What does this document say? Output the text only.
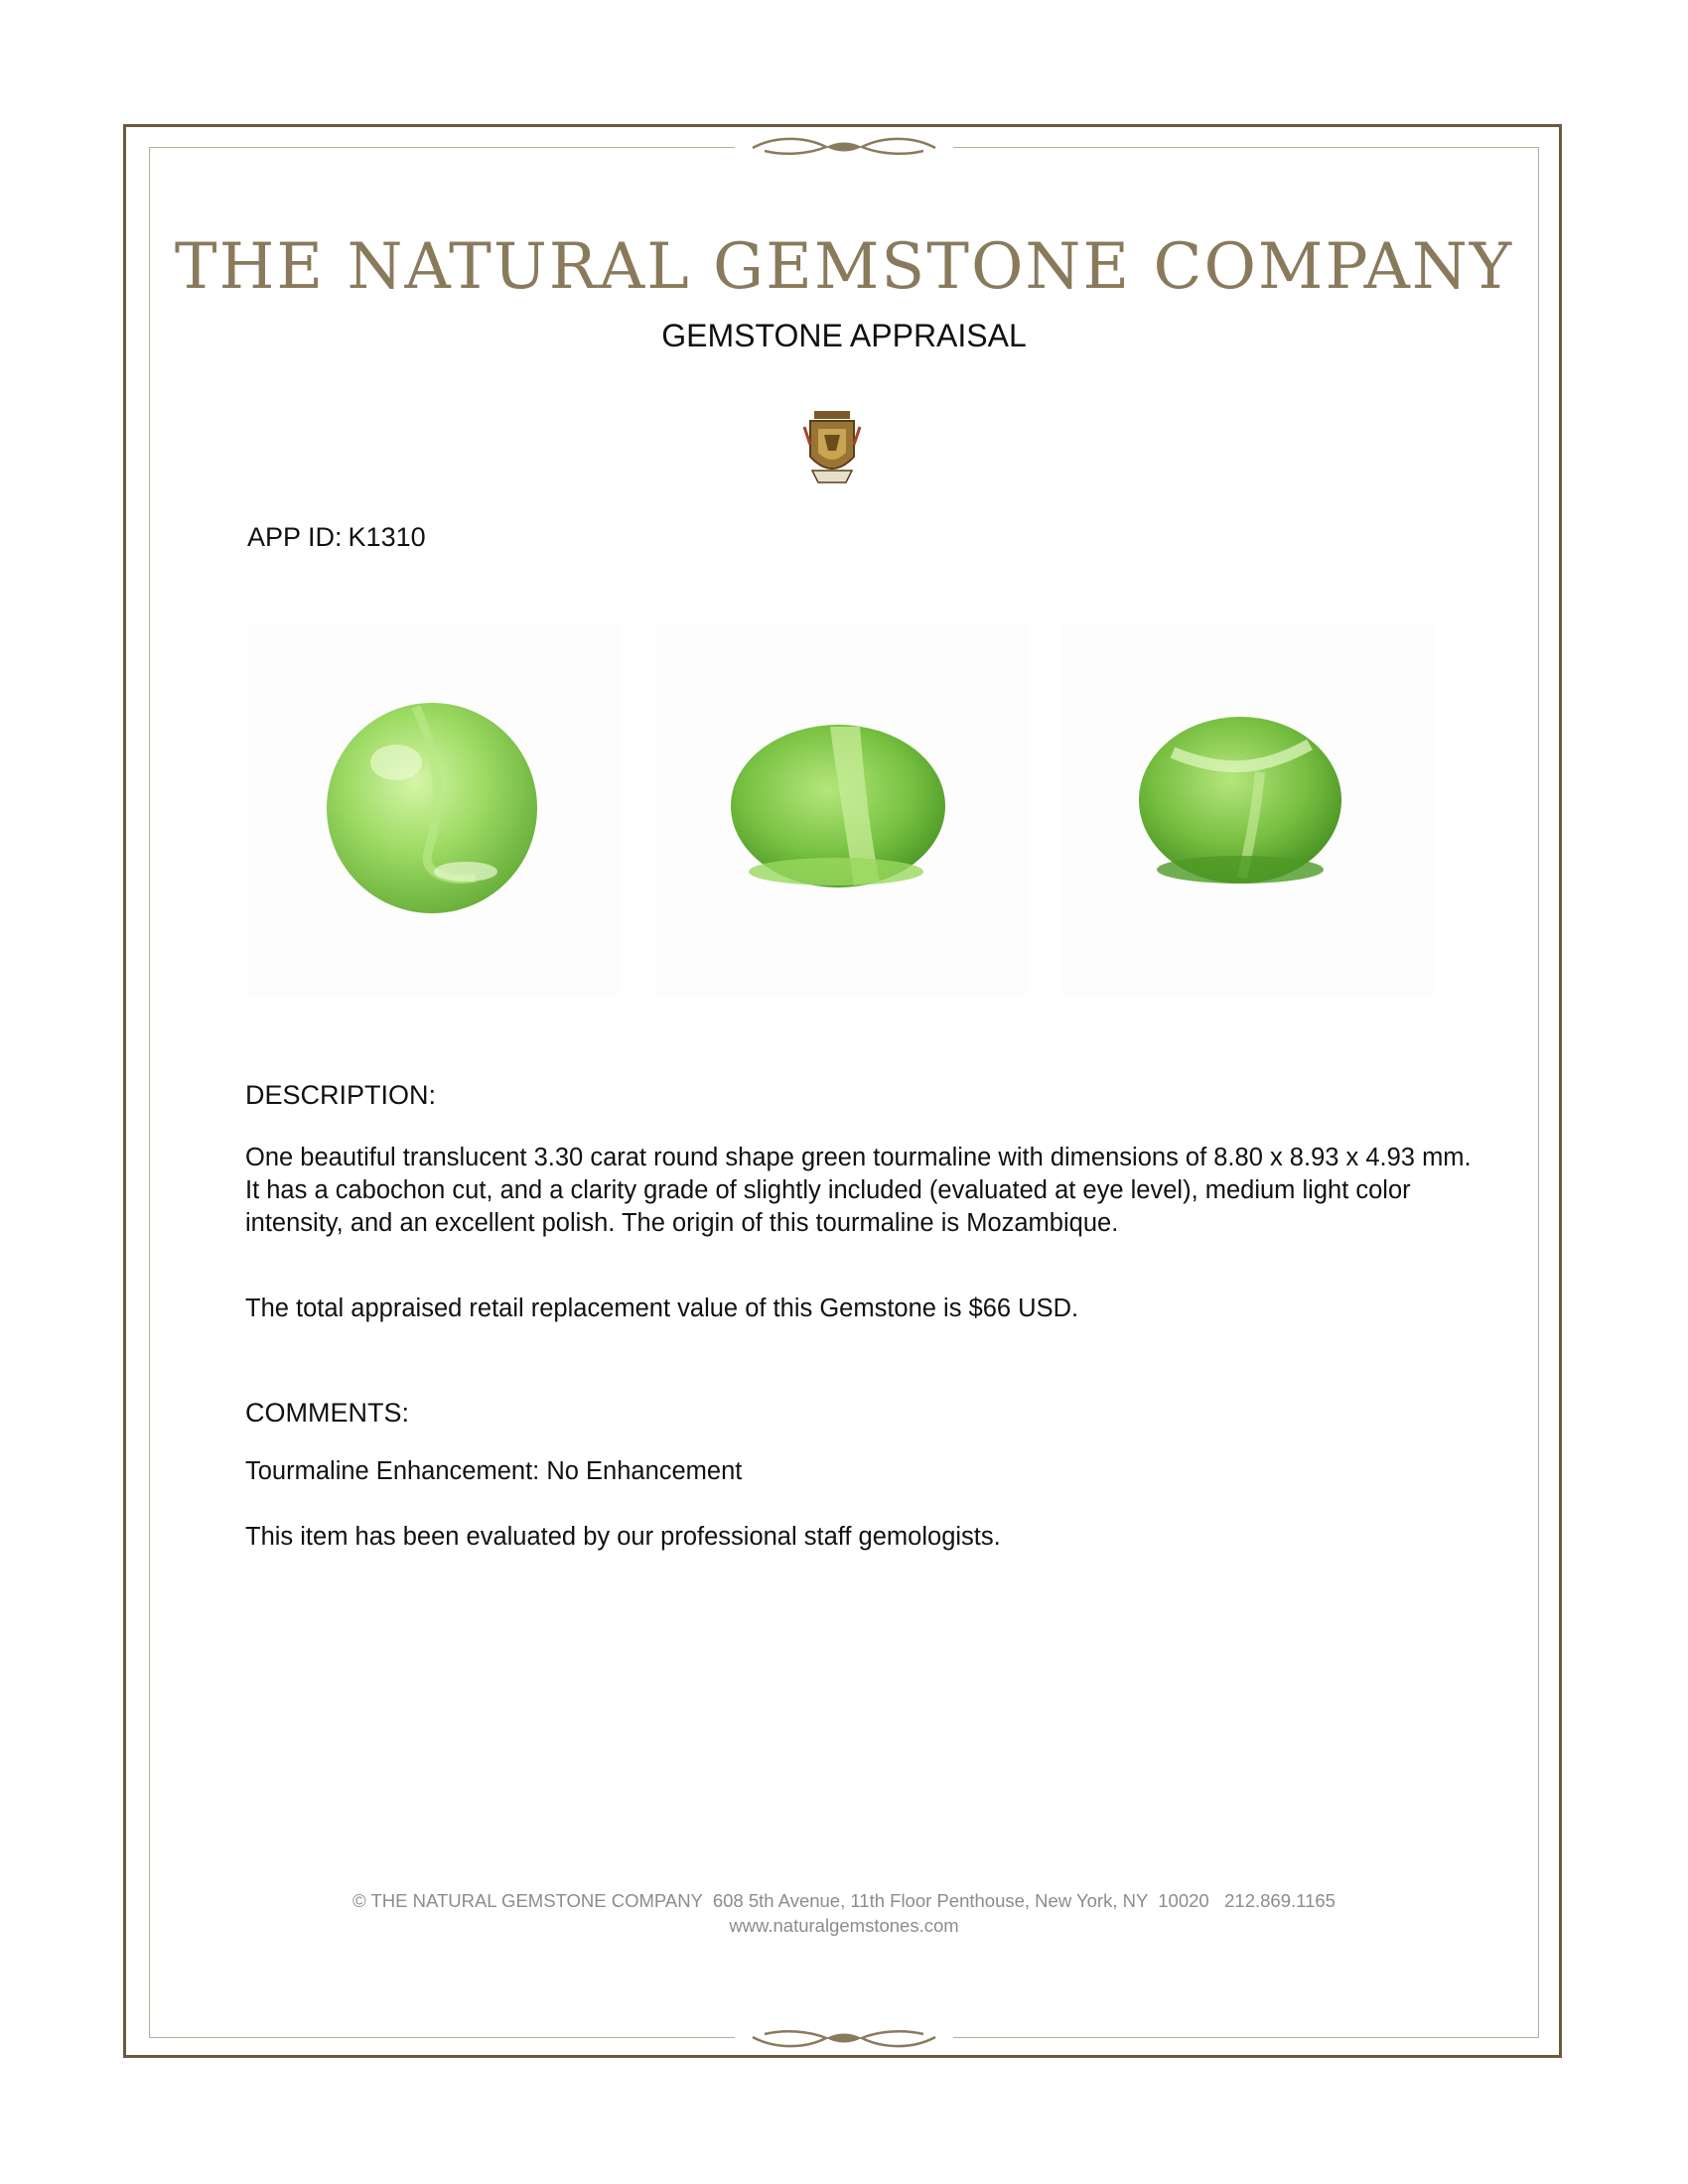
THE NATURAL GEMSTONE COMPANY
GEMSTONE APPRAISAL
APP ID: K1310
DESCRIPTION:
One beautiful translucent 3.30 carat round shape green tourmaline with dimensions of 8.80 x 8.93 x 4.93 mm. It has a cabochon cut, and a clarity grade of slightly included (evaluated at eye level), medium light color intensity, and an excellent polish. The origin of this tourmaline is Mozambique.
The total appraised retail replacement value of this Gemstone is $66 USD.
COMMENTS:
Tourmaline Enhancement: No Enhancement
This item has been evaluated by our professional staff gemologists.
© THE NATURAL GEMSTONE COMPANY 608 5th Avenue, 11th Floor Penthouse, New York, NY  10020 212.869.1165
www.naturalgemstones.com
